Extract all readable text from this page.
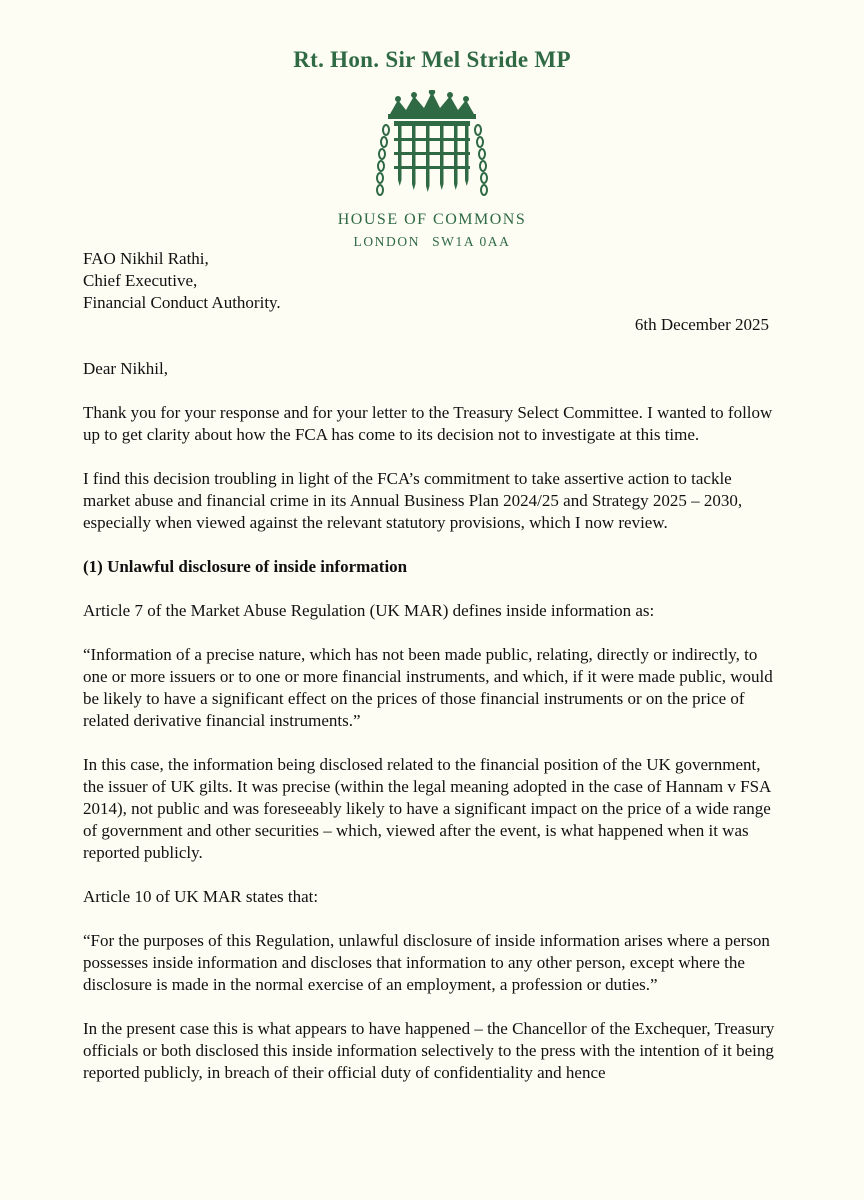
Rt. Hon. Sir Mel Stride MP
HOUSE OF COMMONS
LONDON SW1A 0AA

FAO Nikhil Rathi,

Chief Executive,

Financial Conduct Authority.

6th December 2025

Dear Nikhil,

Thank you for your response and for your letter to the Treasury Select Committee. I wanted to follow up to get clarity about how the FCA has come to its decision not to investigate at this time.

I find this decision troubling in light of the FCA’s commitment to take assertive action to tackle market abuse and financial crime in its Annual Business Plan 2024/25 and Strategy 2025 – 2030, especially when viewed against the relevant statutory provisions, which I now review.

(1) Unlawful disclosure of inside information

Article 7 of the Market Abuse Regulation (UK MAR) defines inside information as:

“Information of a precise nature, which has not been made public, relating, directly or indirectly, to one or more issuers or to one or more financial instruments, and which, if it were made public, would be likely to have a significant effect on the prices of those financial instruments or on the price of related derivative financial instruments.”

In this case, the information being disclosed related to the financial position of the UK government, the issuer of UK gilts. It was precise (within the legal meaning adopted in the case of Hannam v FSA 2014), not public and was foreseeably likely to have a significant impact on the price of a wide range of government and other securities – which, viewed after the event, is what happened when it was reported publicly.

Article 10 of UK MAR states that:

“For the purposes of this Regulation, unlawful disclosure of inside information arises where a person possesses inside information and discloses that information to any other person, except where the disclosure is made in the normal exercise of an employment, a profession or duties.”

In the present case this is what appears to have happened – the Chancellor of the Exchequer, Treasury officials or both disclosed this inside information selectively to the press with the intention of it being reported publicly, in breach of their official duty of confidentiality and hence
